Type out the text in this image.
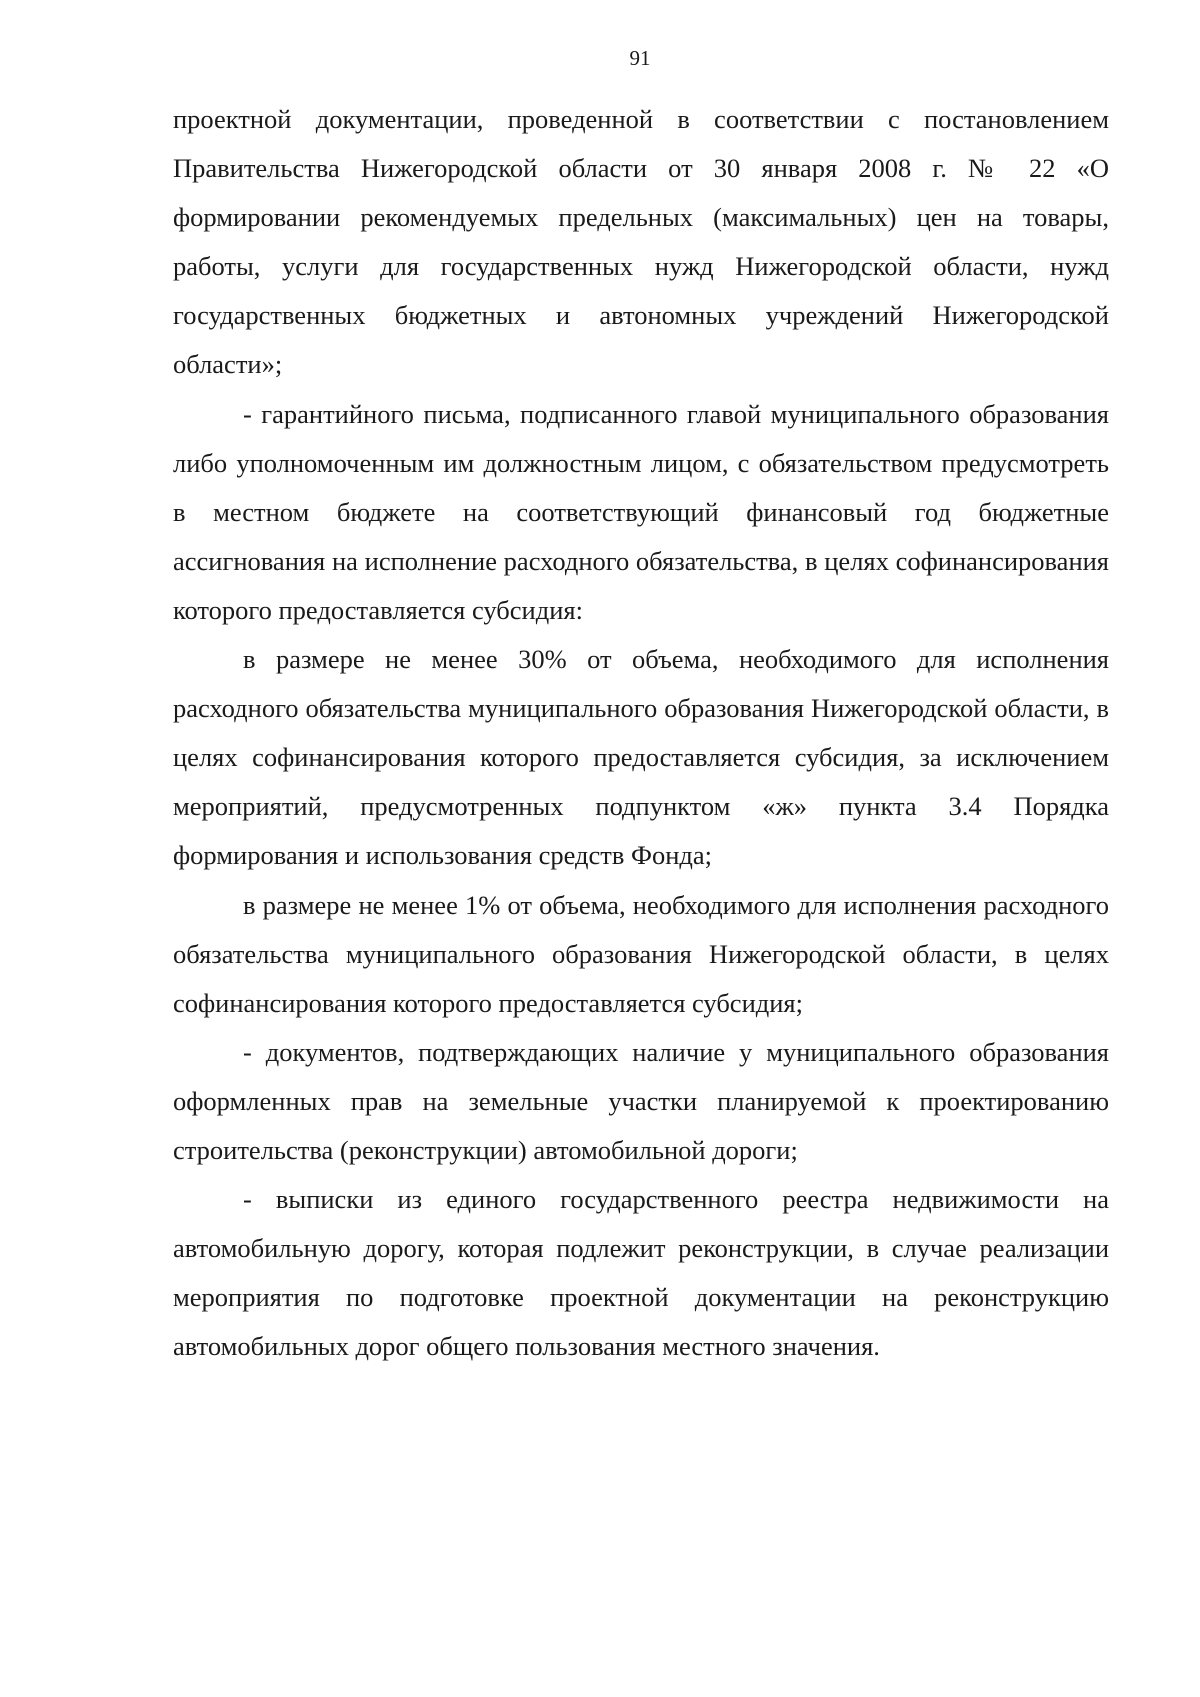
91

проектной документации, проведенной в соответствии с постановлением Правительства Нижегородской области от 30 января 2008 г. № 22 «О формировании рекомендуемых предельных (максимальных) цен на товары, работы, услуги для государственных нужд Нижегородской области, нужд государственных бюджетных и автономных учреждений Нижегородской области»;

- гарантийного письма, подписанного главой муниципального образования либо уполномоченным им должностным лицом, с обязательством предусмотреть в местном бюджете на соответствующий финансовый год бюджетные ассигнования на исполнение расходного обязательства, в целях софинансирования которого предоставляется субсидия:

в размере не менее 30% от объема, необходимого для исполнения расходного обязательства муниципального образования Нижегородской области, в целях софинансирования которого предоставляется субсидия, за исключением мероприятий, предусмотренных подпунктом «ж» пункта 3.4 Порядка формирования и использования средств Фонда;

в размере не менее 1% от объема, необходимого для исполнения расходного обязательства муниципального образования Нижегородской области, в целях софинансирования которого предоставляется субсидия;

- документов, подтверждающих наличие у муниципального образования оформленных прав на земельные участки планируемой к проектированию строительства (реконструкции) автомобильной дороги;

- выписки из единого государственного реестра недвижимости на автомобильную дорогу, которая подлежит реконструкции, в случае реализации мероприятия по подготовке проектной документации на реконструкцию автомобильных дорог общего пользования местного значения.
